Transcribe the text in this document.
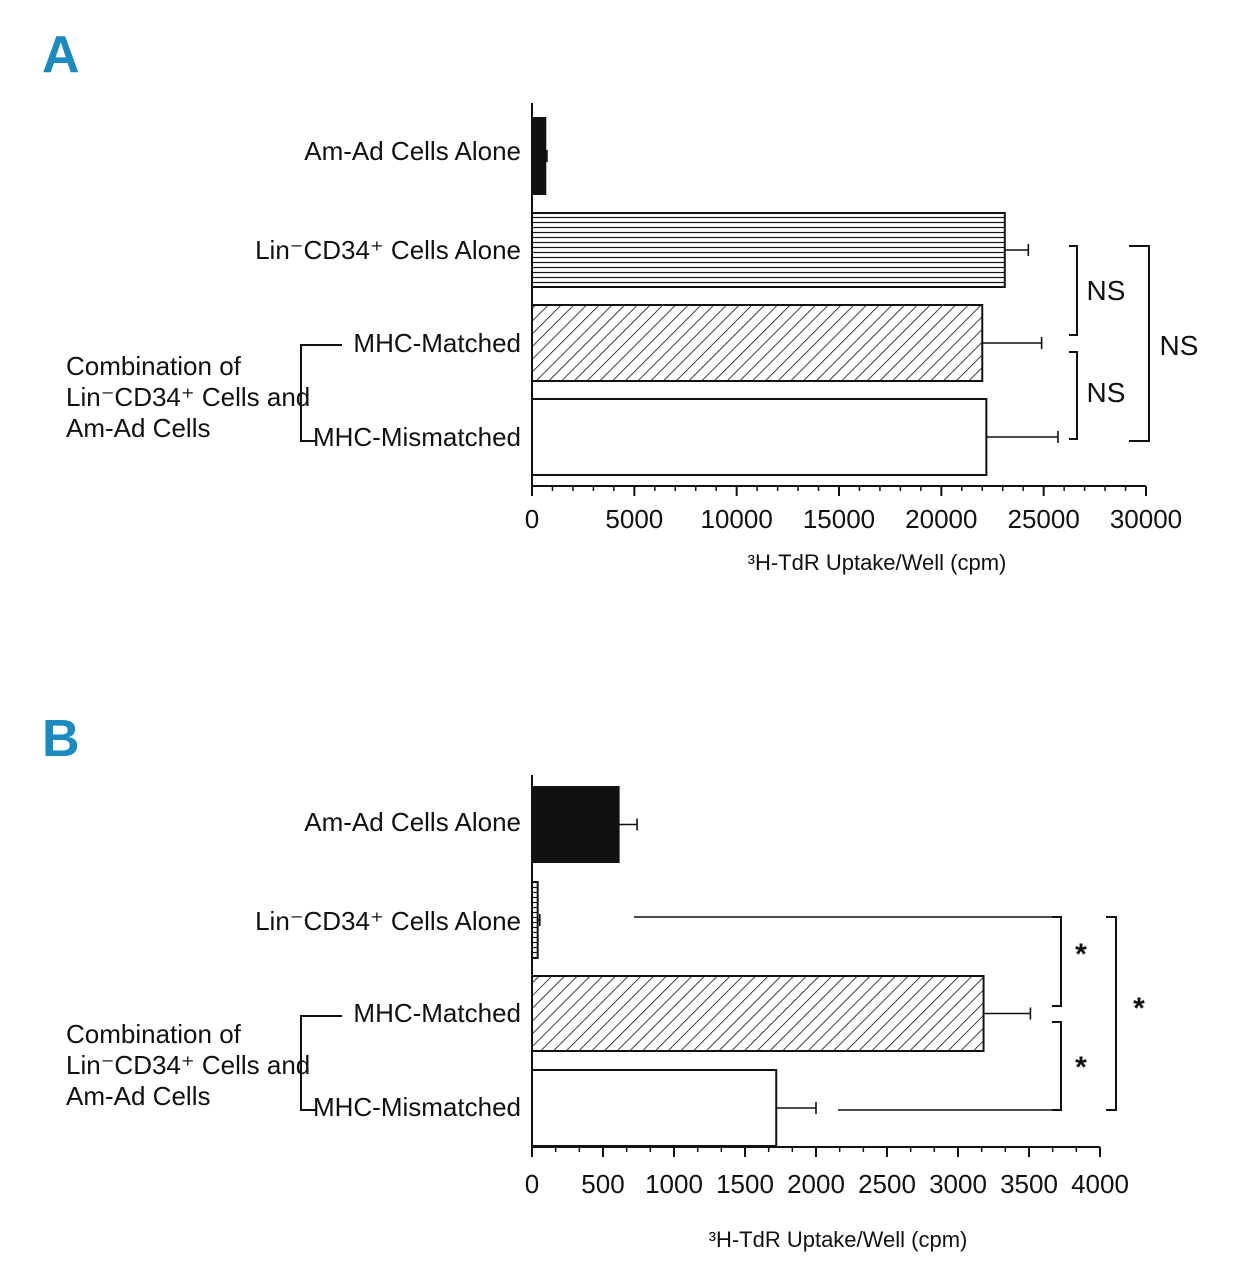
A
Am-Ad Cells Alone
Lin⁻CD34⁺ Cells Alone
MHC-Matched
MHC-Mismatched
Combination of
Lin⁻CD34⁺ Cells and
Am-Ad Cells
³H-TdR Uptake/Well (cpm)
0	5000 10000 15000 20000 25000 30000
NS
NS
NS
B
Am-Ad Cells Alone
Lin⁻CD34⁺ Cells Alone
MHC-Matched
MHC-Mismatched
Combination of
Lin⁻CD34⁺ Cells and
Am-Ad Cells
³H-TdR Uptake/Well (cpm)
0 500 1000 1500 2000 2500 3000 3500 4000
*
*
*
